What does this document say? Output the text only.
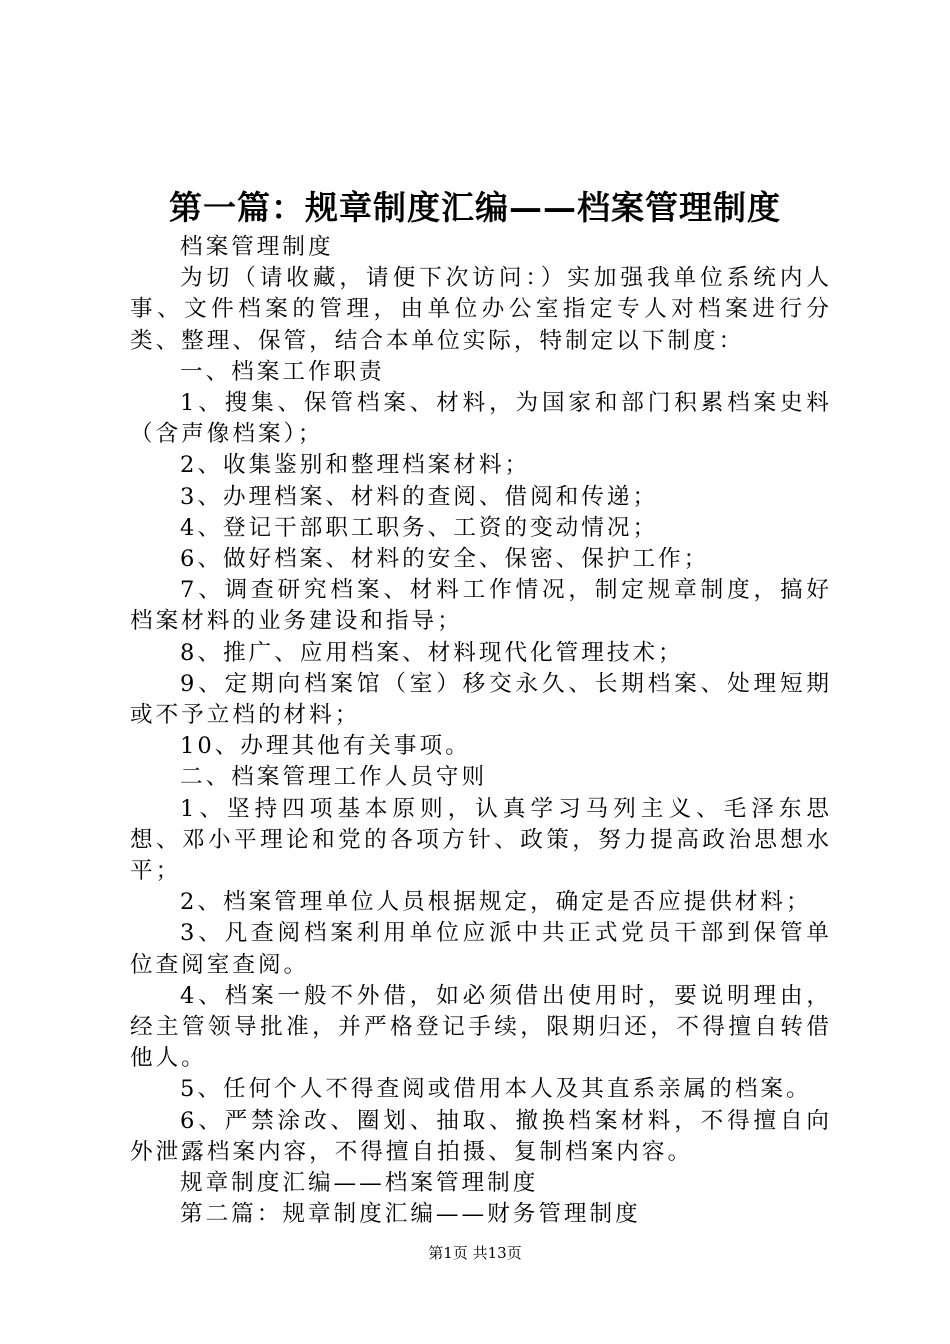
第一篇：规章制度汇编——档案管理制度

档案管理制度

为切（请收藏，请便下次访问：）实加强我单位系统内人事、文件档案的管理，由单位办公室指定专人对档案进行分类、整理、保管，结合本单位实际，特制定以下制度：

一、档案工作职责

1、搜集、保管档案、材料，为国家和部门积累档案史料（含声像档案）；

2、收集鉴别和整理档案材料；

3、办理档案、材料的查阅、借阅和传递；

4、登记干部职工职务、工资的变动情况；

6、做好档案、材料的安全、保密、保护工作；

7、调查研究档案、材料工作情况，制定规章制度，搞好档案材料的业务建设和指导；

8、推广、应用档案、材料现代化管理技术；

9、定期向档案馆（室）移交永久、长期档案、处理短期或不予立档的材料；

10、办理其他有关事项。

二、档案管理工作人员守则

1、坚持四项基本原则，认真学习马列主义、毛泽东思想、邓小平理论和党的各项方针、政策，努力提高政治思想水平；

2、档案管理单位人员根据规定，确定是否应提供材料；

3、凡查阅档案利用单位应派中共正式党员干部到保管单位查阅室查阅。

4、档案一般不外借，如必须借出使用时，要说明理由，经主管领导批准，并严格登记手续，限期归还，不得擅自转借他人。

5、任何个人不得查阅或借用本人及其直系亲属的档案。

6、严禁涂改、圈划、抽取、撤换档案材料，不得擅自向外泄露档案内容，不得擅自拍摄、复制档案内容。

规章制度汇编——档案管理制度

第二篇：规章制度汇编——财务管理制度

第1页 共13页
